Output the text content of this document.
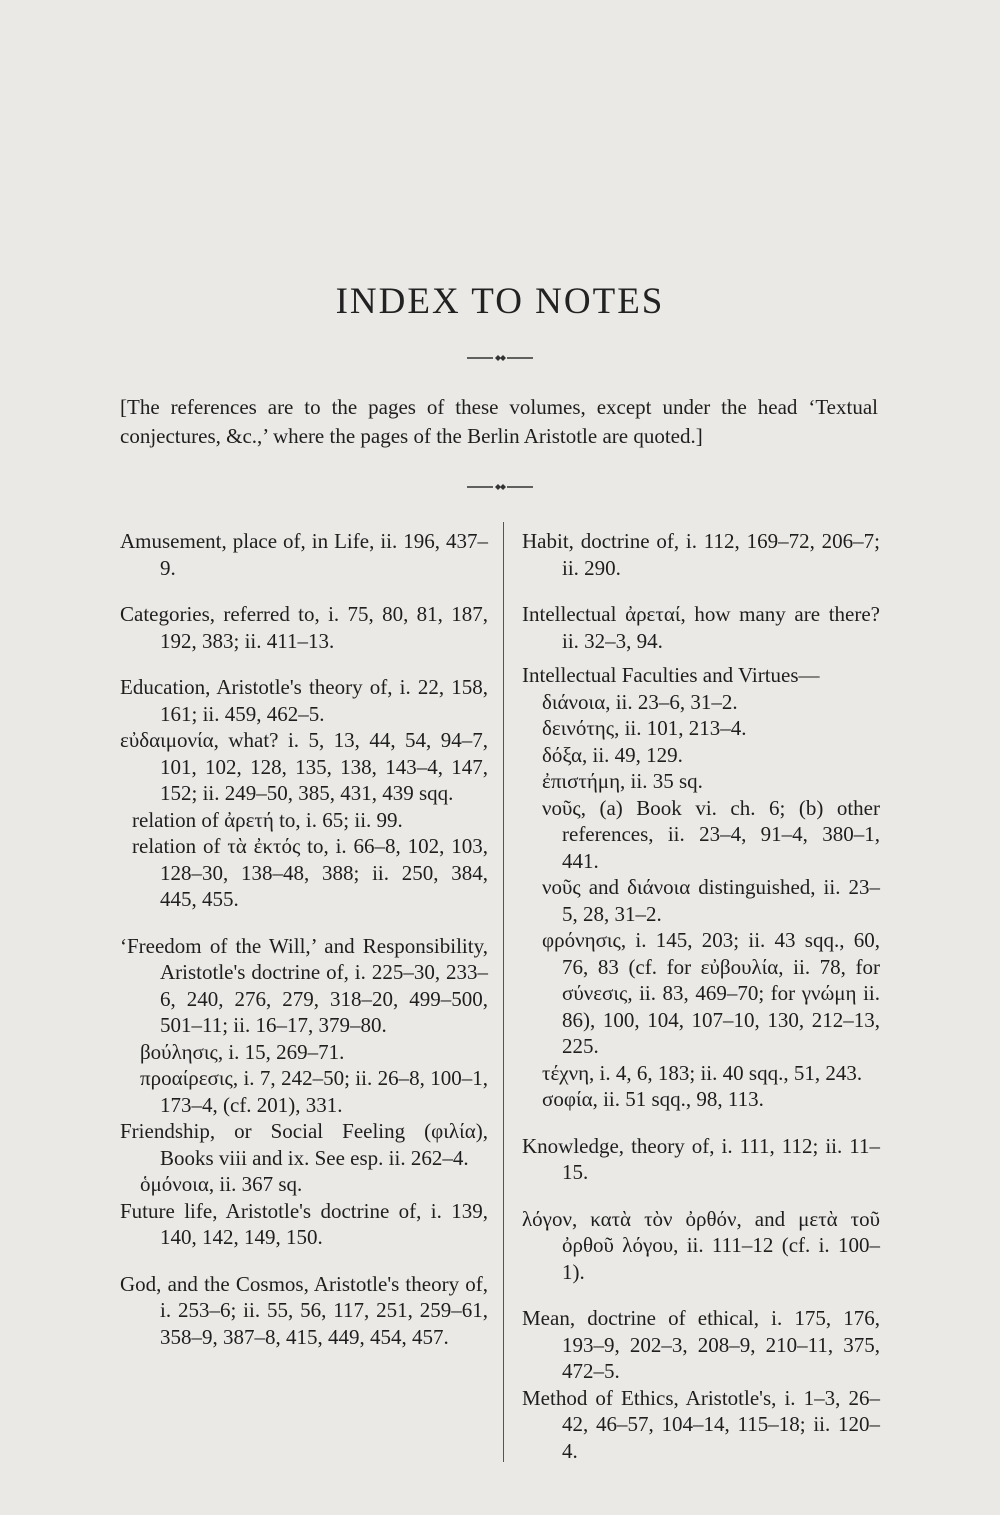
INDEX TO NOTES
[The references are to the pages of these volumes, except under the head ‘Textual conjectures, &c.,’ where the pages of the Berlin Aristotle are quoted.]
Amusement, place of, in Life, ii. 196, 437–9.
Categories, referred to, i. 75, 80, 81, 187, 192, 383; ii. 411–13.
Education, Aristotle's theory of, i. 22, 158, 161; ii. 459, 462–5.
εὐδαιμονία, what? i. 5, 13, 44, 54, 94–7, 101, 102, 128, 135, 138, 143–4, 147, 152; ii. 249–50, 385, 431, 439 sqq.
relation of ἀρετή to, i. 65; ii. 99.
relation of τὰ ἐκτός to, i. 66–8, 102, 103, 128–30, 138–48, 388; ii. 250, 384, 445, 455.
‘Freedom of the Will,’ and Responsibility, Aristotle's doctrine of, i. 225–30, 233–6, 240, 276, 279, 318–20, 499–500, 501–11; ii. 16–17, 379–80.
βούλησις, i. 15, 269–71.
προαίρεσις, i. 7, 242–50; ii. 26–8, 100–1, 173–4, (cf. 201), 331.
Friendship, or Social Feeling (φιλία), Books viii and ix. See esp. ii. 262–4.
ὁμόνοια, ii. 367 sq.
Future life, Aristotle's doctrine of, i. 139, 140, 142, 149, 150.
God, and the Cosmos, Aristotle's theory of, i. 253–6; ii. 55, 56, 117, 251, 259–61, 358–9, 387–8, 415, 449, 454, 457.
Habit, doctrine of, i. 112, 169–72, 206–7; ii. 290.
Intellectual ἀρεταί, how many are there? ii. 32–3, 94.
Intellectual Faculties and Virtues—
διάνοια, ii. 23–6, 31–2.
δεινότης, ii. 101, 213–4.
δόξα, ii. 49, 129.
ἐπιστήμη, ii. 35 sq.
νοῦς, (a) Book vi. ch. 6; (b) other references, ii. 23–4, 91–4, 380–1, 441.
νοῦς and διάνοια distinguished, ii. 23–5, 28, 31–2.
φρόνησις, i. 145, 203; ii. 43 sqq., 60, 76, 83 (cf. for εὐβουλία, ii. 78, for σύνεσις, ii. 83, 469–70; for γνώμη ii. 86), 100, 104, 107–10, 130, 212–13, 225.
τέχνη, i. 4, 6, 183; ii. 40 sqq., 51, 243.
σοφία, ii. 51 sqq., 98, 113.
Knowledge, theory of, i. 111, 112; ii. 11–15.
λόγον, κατὰ τὸν ὀρθόν, and μετὰ τοῦ ὀρθοῦ λόγου, ii. 111–12 (cf. i. 100–1).
Mean, doctrine of ethical, i. 175, 176, 193–9, 202–3, 208–9, 210–11, 375, 472–5.
Method of Ethics, Aristotle's, i. 1–3, 26–42, 46–57, 104–14, 115–18; ii. 120–4.
